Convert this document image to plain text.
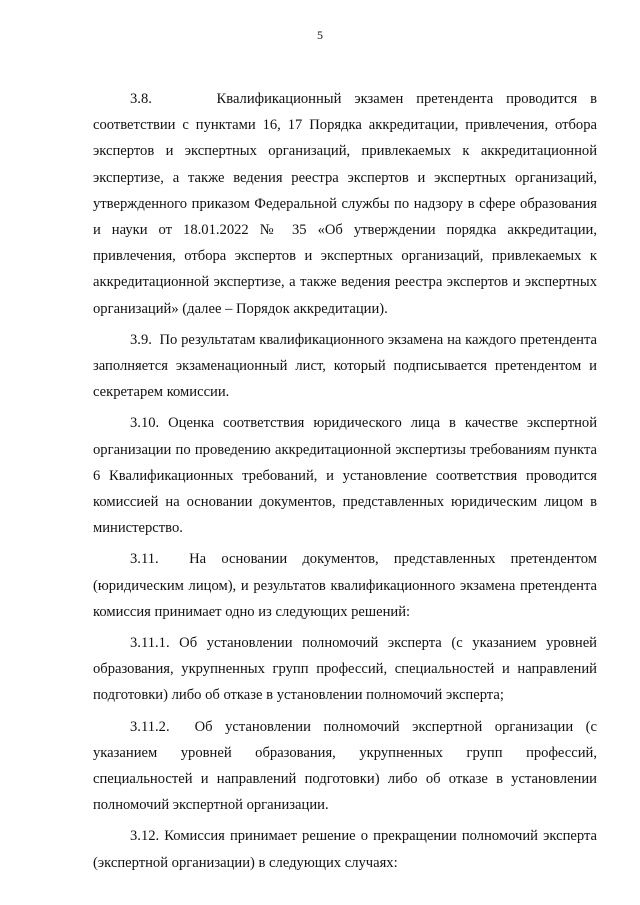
5

3.8.     Квалификационный экзамен претендента проводится в соответствии с пунктами 16, 17 Порядка аккредитации, привлечения, отбора экспертов и экспертных организаций, привлекаемых к аккредитационной экспертизе, а также ведения реестра экспертов и экспертных организаций, утвержденного приказом Федеральной службы по надзору в сфере образования и науки от 18.01.2022 № 35 «Об утверждении порядка аккредитации, привлечения, отбора экспертов и экспертных организаций, привлекаемых к аккредитационной экспертизе, а также ведения реестра экспертов и экспертных организаций» (далее – Порядок аккредитации).

3.9.  По результатам квалификационного экзамена на каждого претендента заполняется экзаменационный лист, который подписывается претендентом и секретарем комиссии.

3.10. Оценка соответствия юридического лица в качестве экспертной организации по проведению аккредитационной экспертизы требованиям пункта 6 Квалификационных требований, и установление соответствия проводится комиссией на основании документов, представленных юридическим лицом в министерство.

3.11.  На основании документов, представленных претендентом (юридическим лицом), и результатов квалификационного экзамена претендента комиссия принимает одно из следующих решений:

3.11.1. Об установлении полномочий эксперта (с указанием уровней образования, укрупненных групп профессий, специальностей и направлений подготовки) либо об отказе в установлении полномочий эксперта;

3.11.2.  Об установлении полномочий экспертной организации (с указанием уровней образования, укрупненных групп профессий, специальностей и направлений подготовки) либо об отказе в установлении полномочий экспертной организации.

3.12. Комиссия принимает решение о прекращении полномочий эксперта (экспертной организации) в следующих случаях:
